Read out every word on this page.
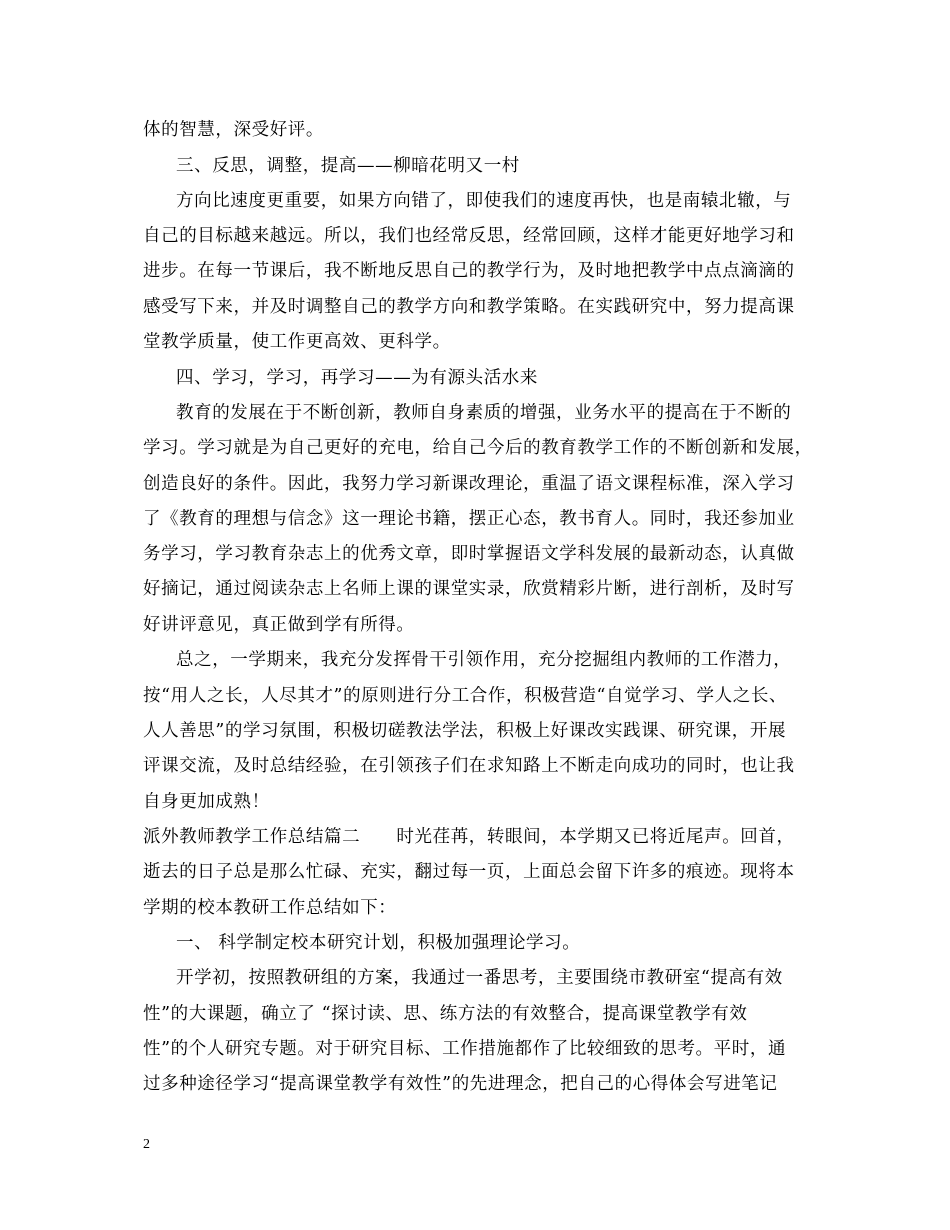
体的智慧，深受好评。
三、反思，调整，提高——柳暗花明又一村
方向比速度更重要，如果方向错了，即使我们的速度再快，也是南辕北辙，与
自己的目标越来越远。所以，我们也经常反思，经常回顾，这样才能更好地学习和
进步。在每一节课后，我不断地反思自己的教学行为，及时地把教学中点点滴滴的
感受写下来，并及时调整自己的教学方向和教学策略。在实践研究中，努力提高课
堂教学质量，使工作更高效、更科学。
四、学习，学习，再学习——为有源头活水来
教育的发展在于不断创新，教师自身素质的增强，业务水平的提高在于不断的
学习。学习就是为自己更好的充电，给自己今后的教育教学工作的不断创新和发展，
创造良好的条件。因此，我努力学习新课改理论，重温了语文课程标准，深入学习
了《教育的理想与信念》这一理论书籍，摆正心态，教书育人。同时，我还参加业
务学习，学习教育杂志上的优秀文章，即时掌握语文学科发展的最新动态，认真做
好摘记，通过阅读杂志上名师上课的课堂实录，欣赏精彩片断，进行剖析，及时写
好讲评意见，真正做到学有所得。
总之，一学期来，我充分发挥骨干引领作用，充分挖掘组内教师的工作潜力，
按“用人之长，人尽其才”的原则进行分工合作，积极营造“自觉学习、学人之长、
人人善思”的学习氛围，积极切磋教法学法，积极上好课改实践课、研究课，开展
评课交流，及时总结经验，在引领孩子们在求知路上不断走向成功的同时，也让我
自身更加成熟！
派外教师教学工作总结篇二　　时光荏苒，转眼间，本学期又已将近尾声。回首，
逝去的日子总是那么忙碌、充实，翻过每一页，上面总会留下许多的痕迹。现将本
学期的校本教研工作总结如下：
一、 科学制定校本研究计划，积极加强理论学习。
开学初，按照教研组的方案，我通过一番思考，主要围绕市教研室“提高有效
性”的大课题，确立了 “探讨读、思、练方法的有效整合，提高课堂教学有效
性”的个人研究专题。对于研究目标、工作措施都作了比较细致的思考。平时，通
过多种途径学习“提高课堂教学有效性”的先进理念，把自己的心得体会写进笔记
2
